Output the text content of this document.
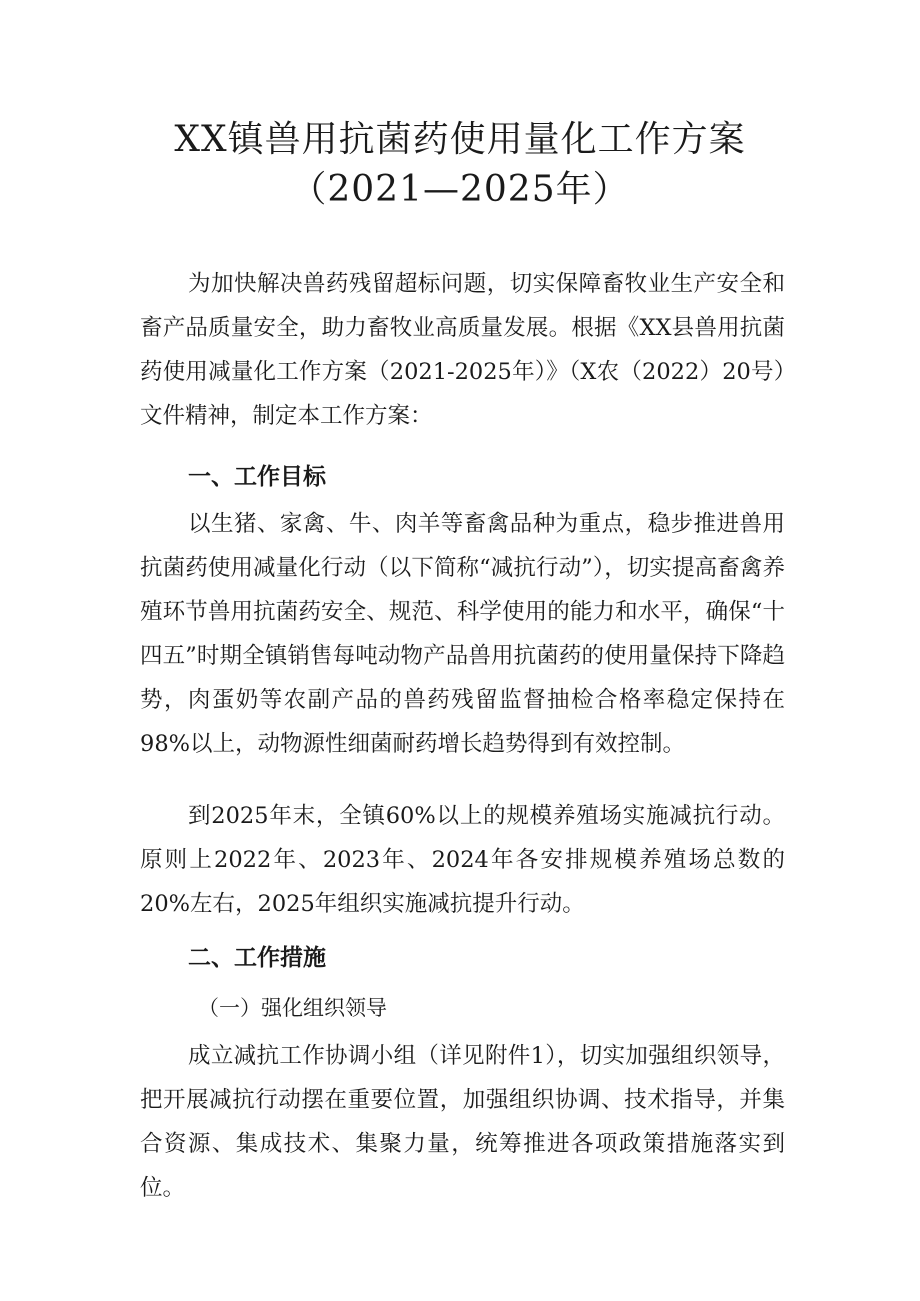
XX镇兽用抗菌药使用量化工作方案
（2021—2025年）

为加快解决兽药残留超标问题，切实保障畜牧业生产安全和畜产品质量安全，助力畜牧业高质量发展。根据《XX县兽用抗菌药使用减量化工作方案（2021-2025年）》（X农（2022）20号）文件精神，制定本工作方案：

一、工作目标

以生猪、家禽、牛、肉羊等畜禽品种为重点，稳步推进兽用抗菌药使用减量化行动（以下简称“减抗行动”），切实提高畜禽养殖环节兽用抗菌药安全、规范、科学使用的能力和水平，确保“十四五”时期全镇销售每吨动物产品兽用抗菌药的使用量保持下降趋势，肉蛋奶等农副产品的兽药残留监督抽检合格率稳定保持在98%以上，动物源性细菌耐药增长趋势得到有效控制。

到2025年末，全镇60%以上的规模养殖场实施减抗行动。原则上2022年、2023年、2024年各安排规模养殖场总数的20%左右，2025年组织实施减抗提升行动。

二、工作措施
（一）强化组织领导

成立减抗工作协调小组（详见附件1），切实加强组织领导，把开展减抗行动摆在重要位置，加强组织协调、技术指导，并集合资源、集成技术、集聚力量，统筹推进各项政策措施落实到位。
